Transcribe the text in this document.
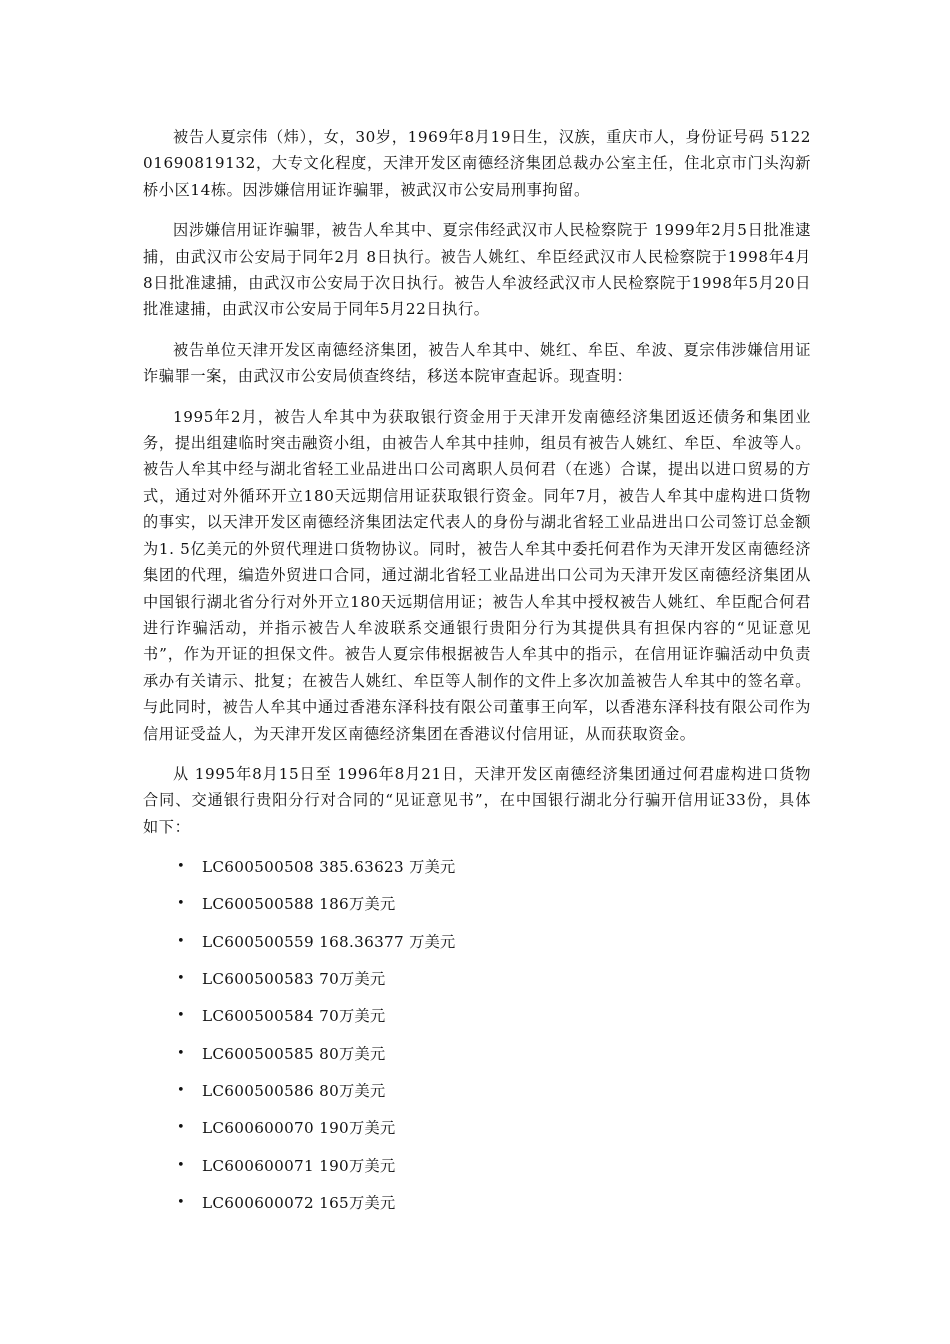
被告人夏宗伟（炜），女，30岁，1969年8月19日生，汉族，重庆市人，身份证号码 512201690819132，大专文化程度，天津开发区南德经济集团总裁办公室主任，住北京市门头沟新桥小区14栋。因涉嫌信用证诈骗罪，被武汉市公安局刑事拘留。

因涉嫌信用证诈骗罪，被告人牟其中、夏宗伟经武汉市人民检察院于 1999年2月5日批准逮捕，由武汉市公安局于同年2月 8日执行。被告人姚红、牟臣经武汉市人民检察院于1998年4月8日批准逮捕，由武汉市公安局于次日执行。被告人牟波经武汉市人民检察院于1998年5月20日批准逮捕，由武汉市公安局于同年5月22日执行。

被告单位天津开发区南德经济集团，被告人牟其中、姚红、牟臣、牟波、夏宗伟涉嫌信用证诈骗罪一案，由武汉市公安局侦查终结，移送本院审查起诉。现查明：

1995年2月，被告人牟其中为获取银行资金用于天津开发南德经济集团返还债务和集团业务，提出组建临时突击融资小组，由被告人牟其中挂帅，组员有被告人姚红、牟臣、牟波等人。被告人牟其中经与湖北省轻工业品进出口公司离职人员何君（在逃）合谋，提出以进口贸易的方式，通过对外循环开立180天远期信用证获取银行资金。同年7月，被告人牟其中虚构进口货物的事实，以天津开发区南德经济集团法定代表人的身份与湖北省轻工业品进出口公司签订总金额为1. 5亿美元的外贸代理进口货物协议。同时，被告人牟其中委托何君作为天津开发区南德经济集团的代理，编造外贸进口合同，通过湖北省轻工业品进出口公司为天津开发区南德经济集团从中国银行湖北省分行对外开立180天远期信用证；被告人牟其中授权被告人姚红、牟臣配合何君进行诈骗活动，并指示被告人牟波联系交通银行贵阳分行为其提供具有担保内容的“见证意见书”，作为开证的担保文件。被告人夏宗伟根据被告人牟其中的指示，在信用证诈骗活动中负责承办有关请示、批复；在被告人姚红、牟臣等人制作的文件上多次加盖被告人牟其中的签名章。与此同时，被告人牟其中通过香港东泽科技有限公司董事王向军，以香港东泽科技有限公司作为信用证受益人，为天津开发区南德经济集团在香港议付信用证，从而获取资金。

从 1995年8月15日至 1996年8月21日，天津开发区南德经济集团通过何君虚构进口货物合同、交通银行贵阳分行对合同的“见证意见书”，在中国银行湖北分行骗开信用证33份，具体如下：

• LC600500508 385.63623 万美元
• LC600500588 186万美元
• LC600500559 168.36377 万美元
• LC600500583 70万美元
• LC600500584 70万美元
• LC600500585 80万美元
• LC600500586 80万美元
• LC600600070 190万美元
• LC600600071 190万美元
• LC600600072 165万美元
